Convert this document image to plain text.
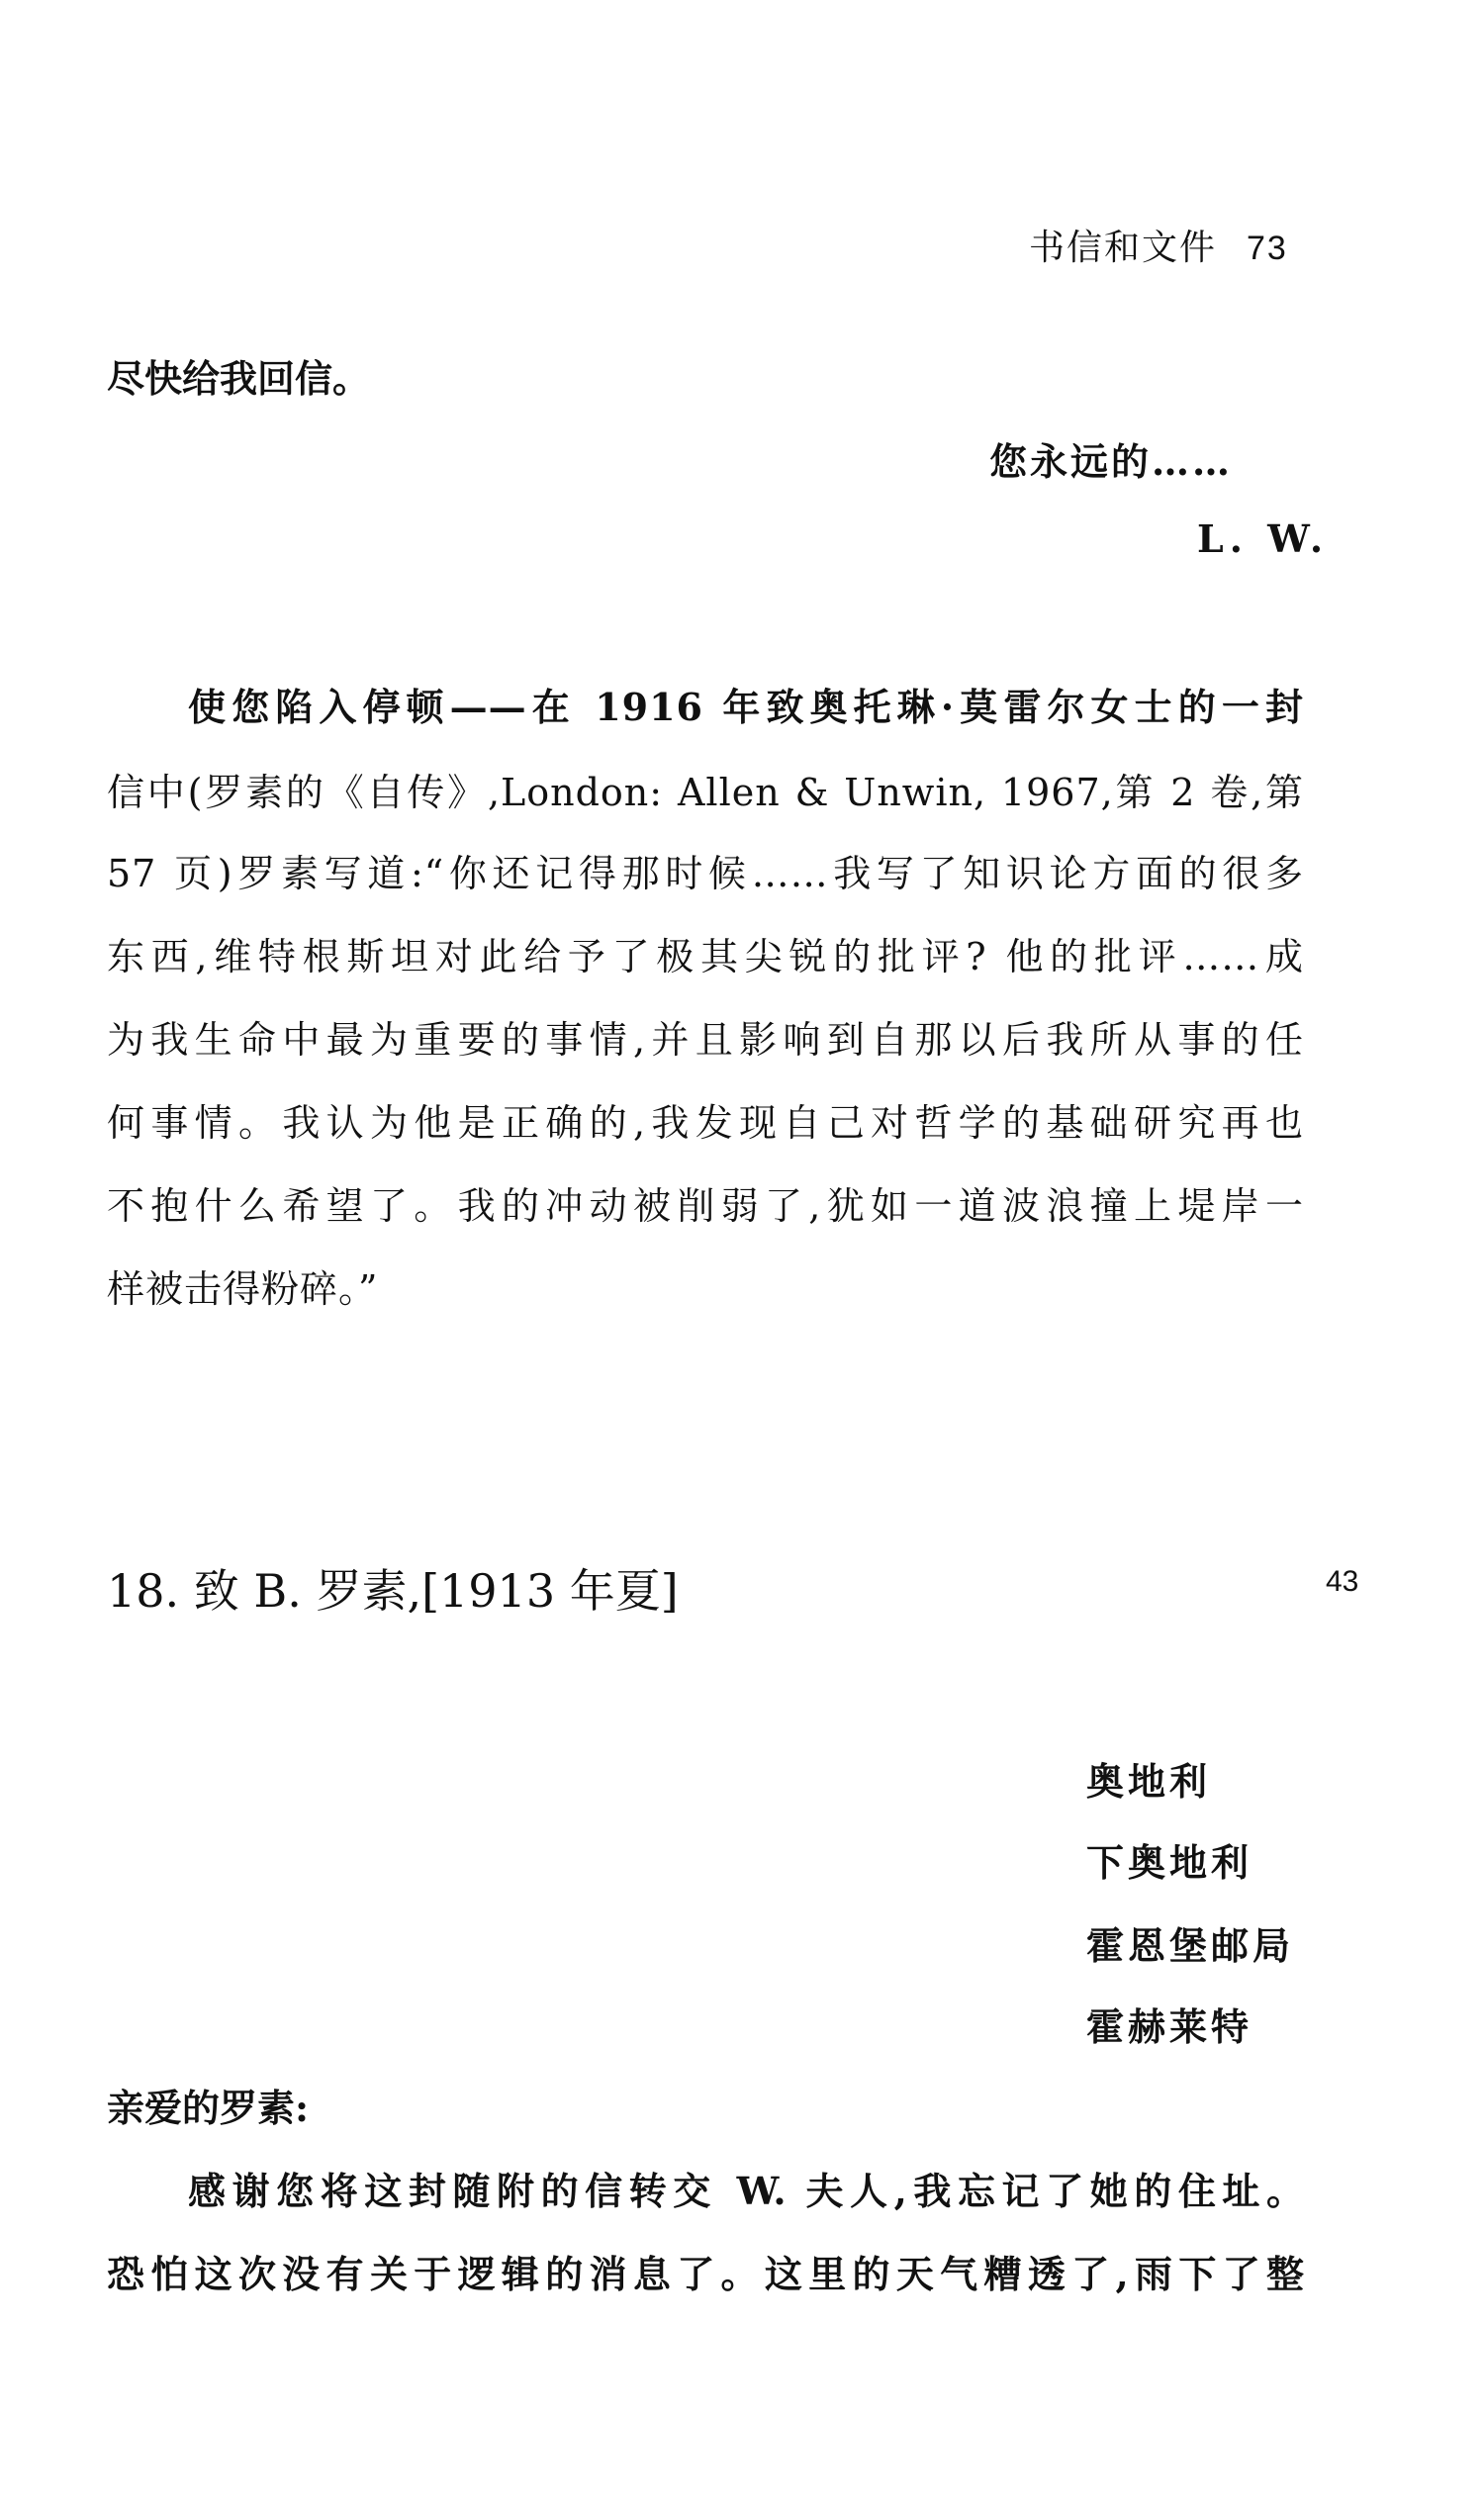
书信和文件 73
尽快给我回信。
您永远的……
L. W.
使您陷入停顿——在 1916 年致奥托琳·莫雷尔女士的一封
信中(罗素的《自传》,London: Allen & Unwin, 1967,第 2 卷,第
57 页)罗素写道:“你还记得那时候……我写了知识论方面的很多
东西,维特根斯坦对此给予了极其尖锐的批评? 他的批评……成
为我生命中最为重要的事情,并且影响到自那以后我所从事的任
何事情。我认为他是正确的,我发现自己对哲学的基础研究再也
不抱什么希望了。我的冲动被削弱了,犹如一道波浪撞上堤岸一
样被击得粉碎。”
18. 致 B. 罗素,[1913 年夏]	43
奥地利
下奥地利
霍恩堡邮局
霍赫莱特
亲爱的罗素:
感谢您将这封随附的信转交 W. 夫人,我忘记了她的住址。
恐怕这次没有关于逻辑的消息了。这里的天气糟透了,雨下了整
